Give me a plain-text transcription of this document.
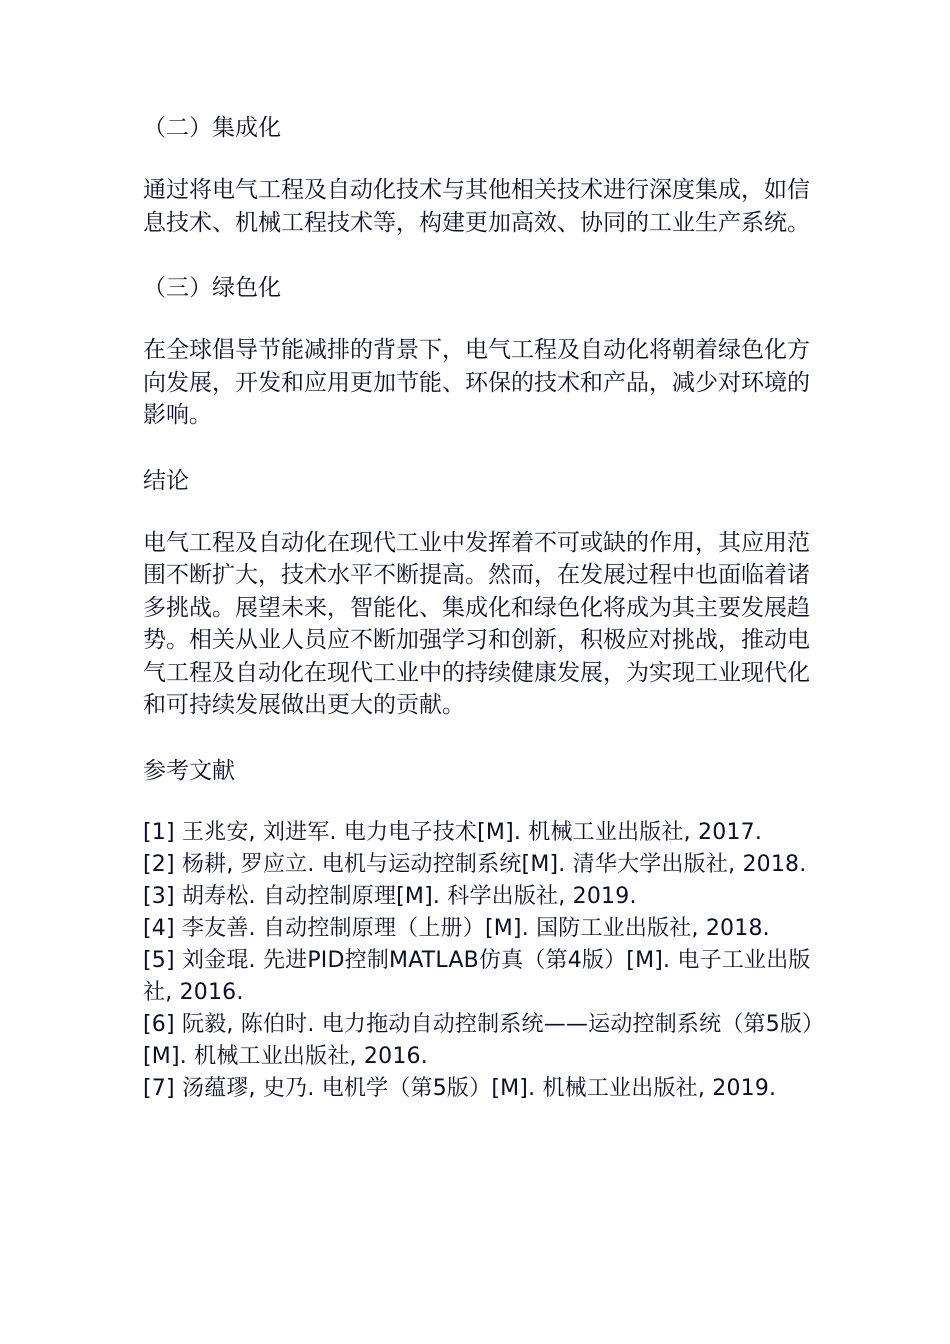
（二）集成化

通过将电气工程及自动化技术与其他相关技术进行深度集成，如信息技术、机械工程技术等，构建更加高效、协同的工业生产系统。

（三）绿色化

在全球倡导节能减排的背景下，电气工程及自动化将朝着绿色化方向发展，开发和应用更加节能、环保的技术和产品，减少对环境的影响。

结论

电气工程及自动化在现代工业中发挥着不可或缺的作用，其应用范围不断扩大，技术水平不断提高。然而，在发展过程中也面临着诸多挑战。展望未来，智能化、集成化和绿色化将成为其主要发展趋势。相关从业人员应不断加强学习和创新，积极应对挑战，推动电气工程及自动化在现代工业中的持续健康发展，为实现工业现代化和可持续发展做出更大的贡献。

参考文献
[1] 王兆安, 刘进军. 电力电子技术[M]. 机械工业出版社, 2017.
[2] 杨耕, 罗应立. 电机与运动控制系统[M]. 清华大学出版社, 2018.
[3] 胡寿松. 自动控制原理[M]. 科学出版社, 2019.
[4] 李友善. 自动控制原理（上册）[M]. 国防工业出版社, 2018.
[5] 刘金琨. 先进PID控制MATLAB仿真（第4版）[M]. 电子工业出版社, 2016.
[6] 阮毅, 陈伯时. 电力拖动自动控制系统——运动控制系统（第5版）[M]. 机械工业出版社, 2016.
[7] 汤蕴璆, 史乃. 电机学（第5版）[M]. 机械工业出版社, 2019.
